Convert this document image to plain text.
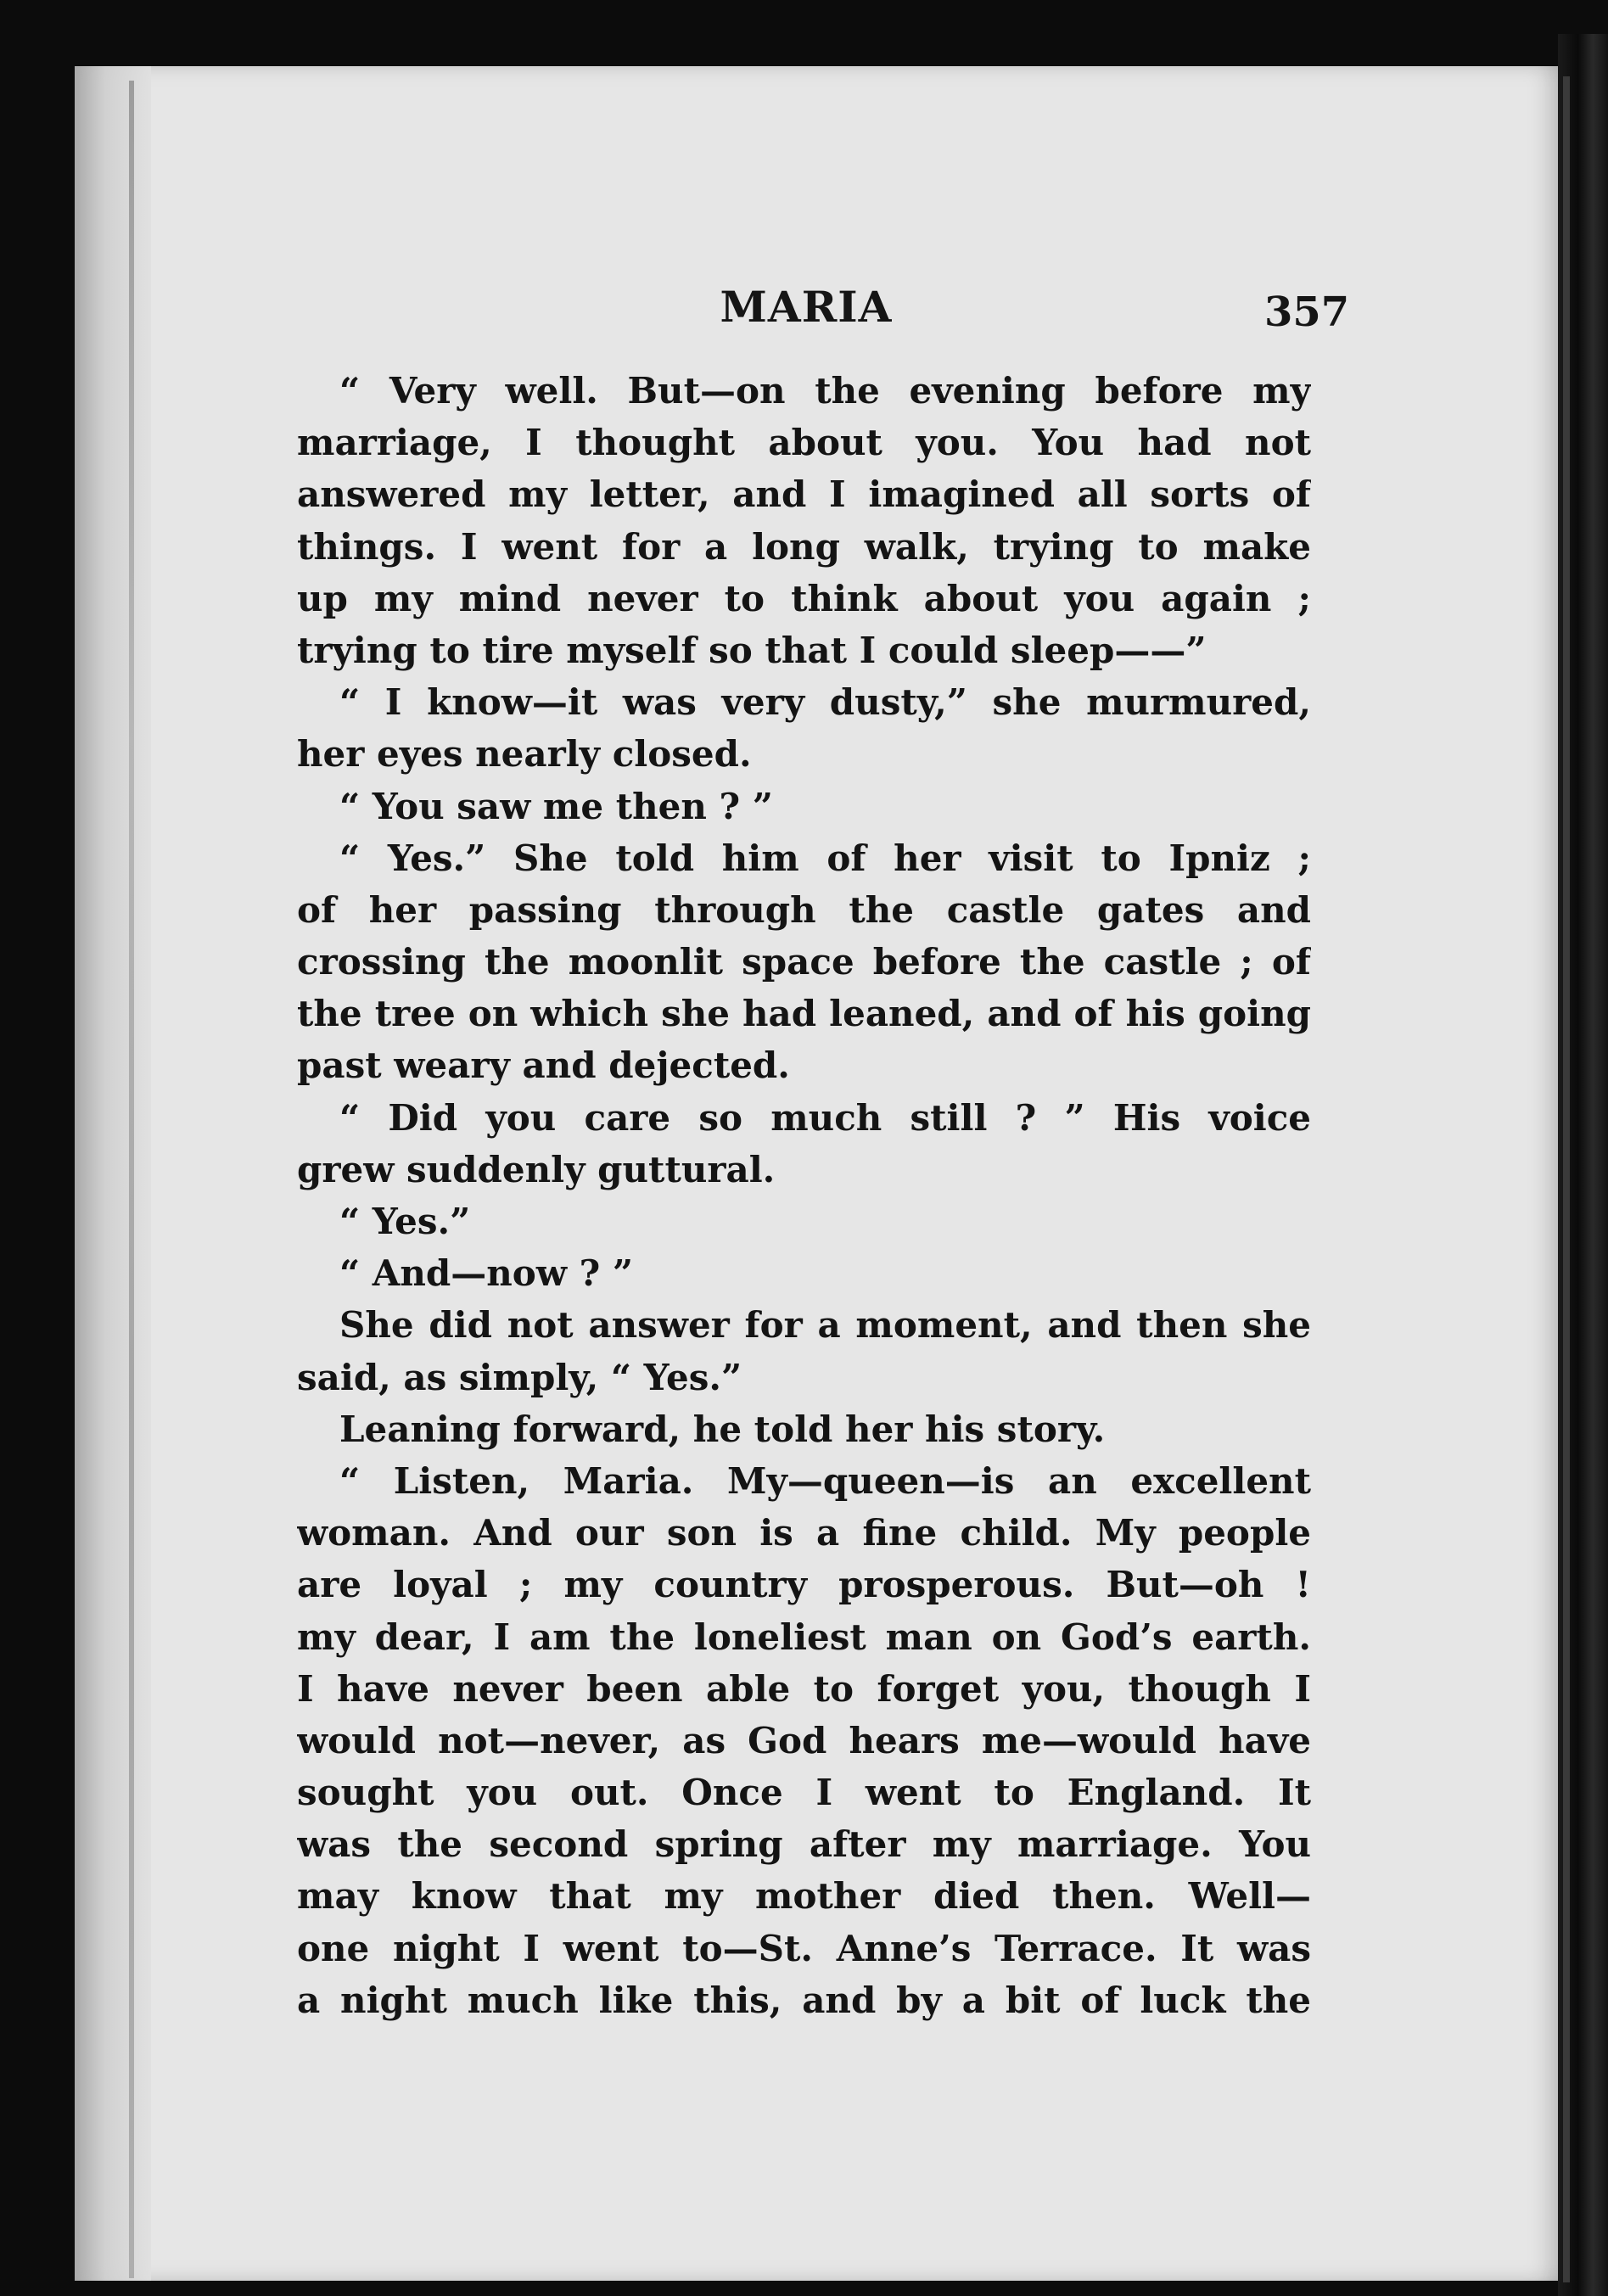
MARIA	357
“ Very well. But—on the evening before my
marriage, I thought about you. You had not
answered my letter, and I imagined all sorts of
things. I went for a long walk, trying to make
up my mind never to think about you again ;
trying to tire myself so that I could sleep——”
“ I know—it was very dusty,” she murmured,
her eyes nearly closed.
“ You saw me then ? ”
“ Yes.” She told him of her visit to Ipniz ;
of her passing through the castle gates and
crossing the moonlit space before the castle ; of
the tree on which she had leaned, and of his going
past weary and dejected.
“ Did you care so much still ? ” His voice
grew suddenly guttural.
“ Yes.”
“ And—now ? ”
She did not answer for a moment, and then she
said, as simply, “ Yes.”
Leaning forward, he told her his story.
“ Listen, Maria. My—queen—is an excellent
woman. And our son is a fine child. My people
are loyal ; my country prosperous. But—oh !
my dear, I am the loneliest man on God’s earth.
I have never been able to forget you, though I
would not—never, as God hears me—would have
sought you out. Once I went to England. It
was the second spring after my marriage. You
may know that my mother died then. Well—
one night I went to—St. Anne’s Terrace. It was
a night much like this, and by a bit of luck the
